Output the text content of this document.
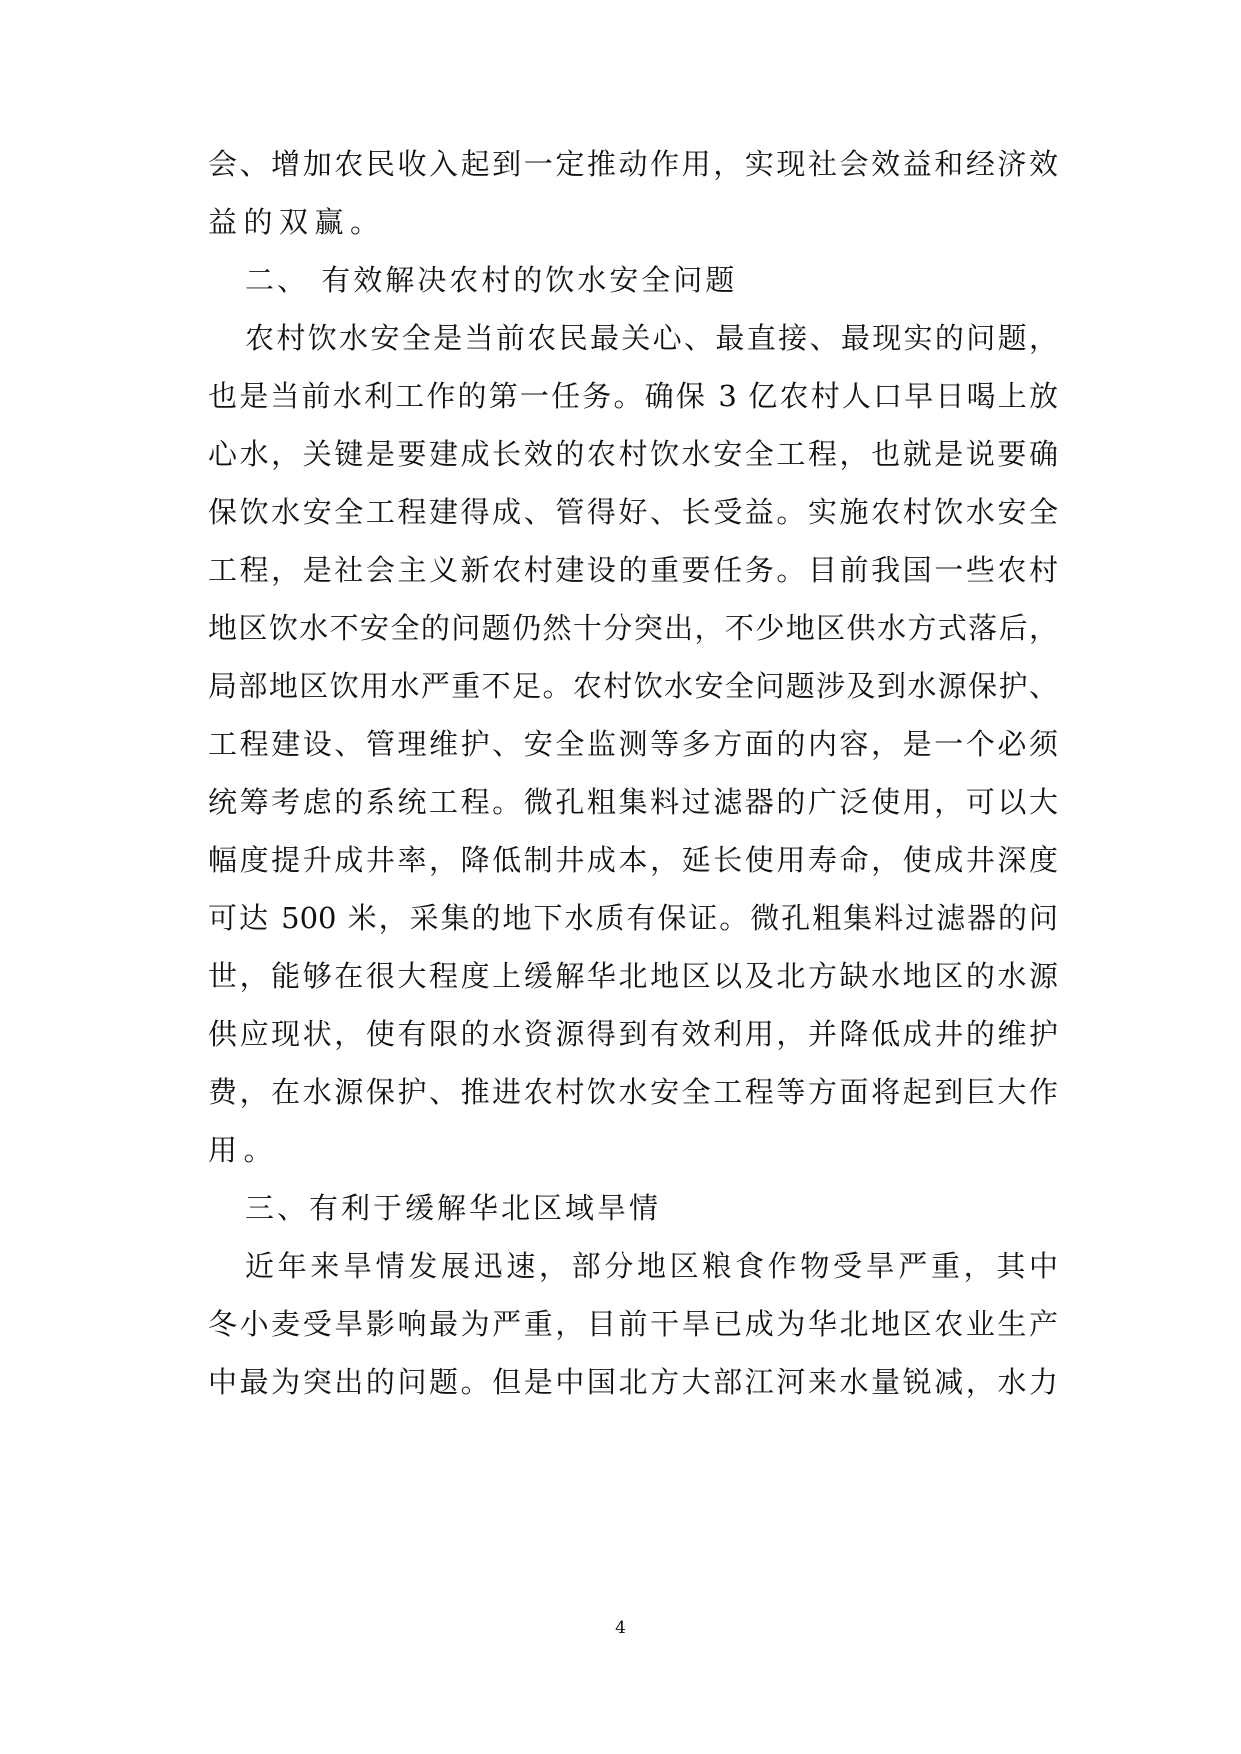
会、增加农民收入起到一定推动作用，实现社会效益和经济效
益的双赢。
二、 有效解决农村的饮水安全问题
农村饮水安全是当前农民最关心、最直接、最现实的问题，
也是当前水利工作的第一任务。确保 3 亿农村人口早日喝上放
心水，关键是要建成长效的农村饮水安全工程，也就是说要确
保饮水安全工程建得成、管得好、长受益。实施农村饮水安全
工程，是社会主义新农村建设的重要任务。目前我国一些农村
地区饮水不安全的问题仍然十分突出，不少地区供水方式落后，
局部地区饮用水严重不足。农村饮水安全问题涉及到水源保护、
工程建设、管理维护、安全监测等多方面的内容，是一个必须
统筹考虑的系统工程。微孔粗集料过滤器的广泛使用，可以大
幅度提升成井率，降低制井成本，延长使用寿命，使成井深度
可达 500 米，采集的地下水质有保证。微孔粗集料过滤器的问
世，能够在很大程度上缓解华北地区以及北方缺水地区的水源
供应现状，使有限的水资源得到有效利用，并降低成井的维护
费，在水源保护、推进农村饮水安全工程等方面将起到巨大作
用。
三、有利于缓解华北区域旱情
近年来旱情发展迅速，部分地区粮食作物受旱严重，其中
冬小麦受旱影响最为严重，目前干旱已成为华北地区农业生产
中最为突出的问题。但是中国北方大部江河来水量锐减，水力
4
